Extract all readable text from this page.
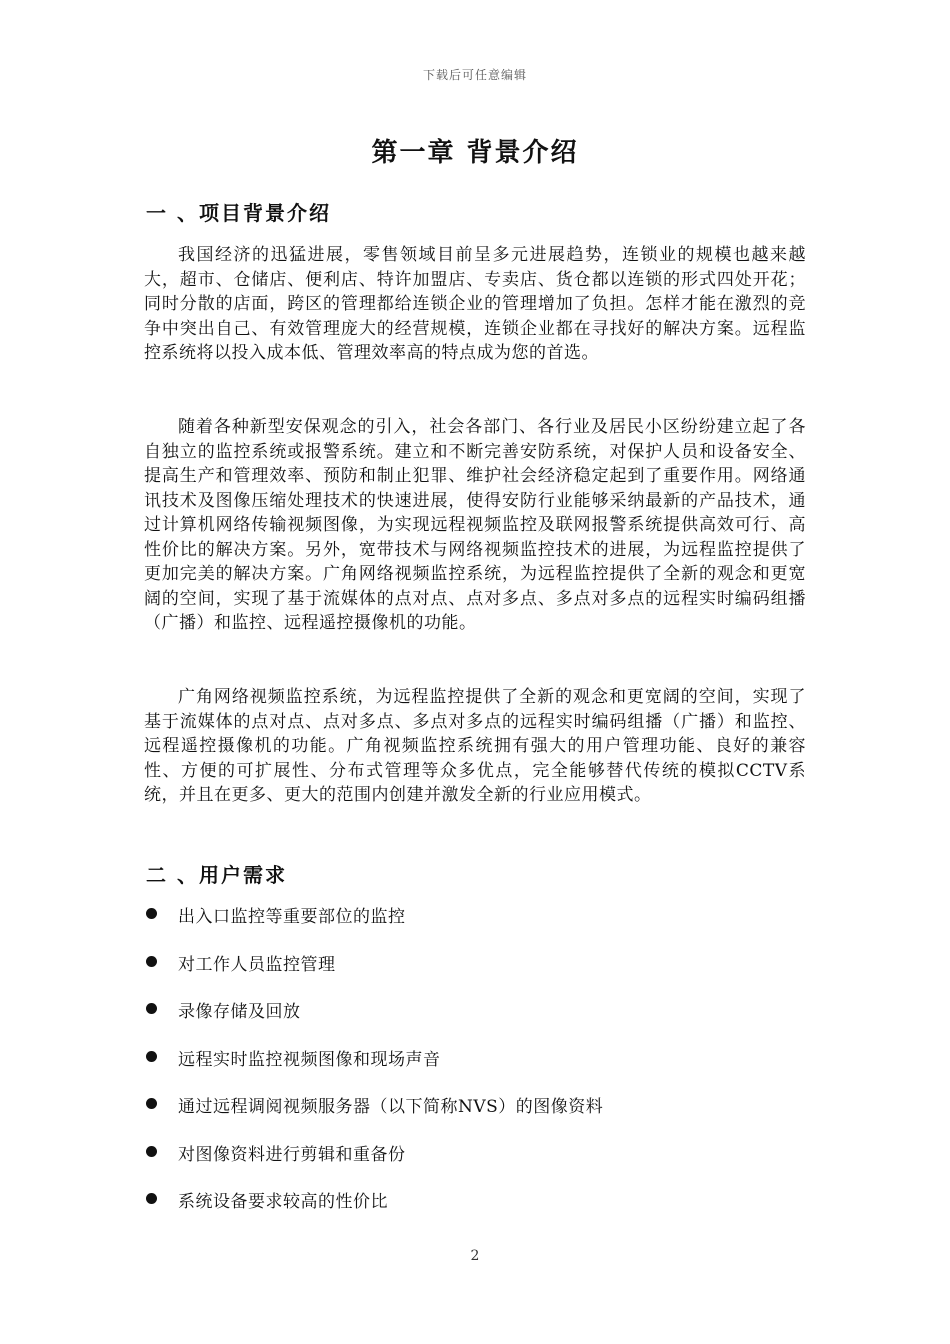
下载后可任意编辑
第一章 背景介绍
一 、项目背景介绍

我国经济的迅猛进展，零售领域目前呈多元进展趋势，连锁业的规模也越来越大，超市、仓储店、便利店、特许加盟店、专卖店、货仓都以连锁的形式四处开花；同时分散的店面，跨区的管理都给连锁企业的管理增加了负担。怎样才能在激烈的竞争中突出自己、有效管理庞大的经营规模，连锁企业都在寻找好的解决方案。远程监控系统将以投入成本低、管理效率高的特点成为您的首选。

随着各种新型安保观念的引入，社会各部门、各行业及居民小区纷纷建立起了各自独立的监控系统或报警系统。建立和不断完善安防系统，对保护人员和设备安全、提高生产和管理效率、预防和制止犯罪、维护社会经济稳定起到了重要作用。网络通讯技术及图像压缩处理技术的快速进展，使得安防行业能够采纳最新的产品技术，通过计算机网络传输视频图像，为实现远程视频监控及联网报警系统提供高效可行、高性价比的解决方案。另外，宽带技术与网络视频监控技术的进展，为远程监控提供了更加完美的解决方案。广角网络视频监控系统，为远程监控提供了全新的观念和更宽阔的空间，实现了基于流媒体的点对点、点对多点、多点对多点的远程实时编码组播（广播）和监控、远程遥控摄像机的功能。

广角网络视频监控系统，为远程监控提供了全新的观念和更宽阔的空间，实现了基于流媒体的点对点、点对多点、多点对多点的远程实时编码组播（广播）和监控、远程遥控摄像机的功能。广角视频监控系统拥有强大的用户管理功能、良好的兼容性、方便的可扩展性、分布式管理等众多优点，完全能够替代传统的模拟CCTV系统，并且在更多、更大的范围内创建并激发全新的行业应用模式。

二 、用户需求
出入口监控等重要部位的监控
对工作人员监控管理
录像存储及回放
远程实时监控视频图像和现场声音
通过远程调阅视频服务器（以下简称NVS）的图像资料
对图像资料进行剪辑和重备份
系统设备要求较高的性价比
2
